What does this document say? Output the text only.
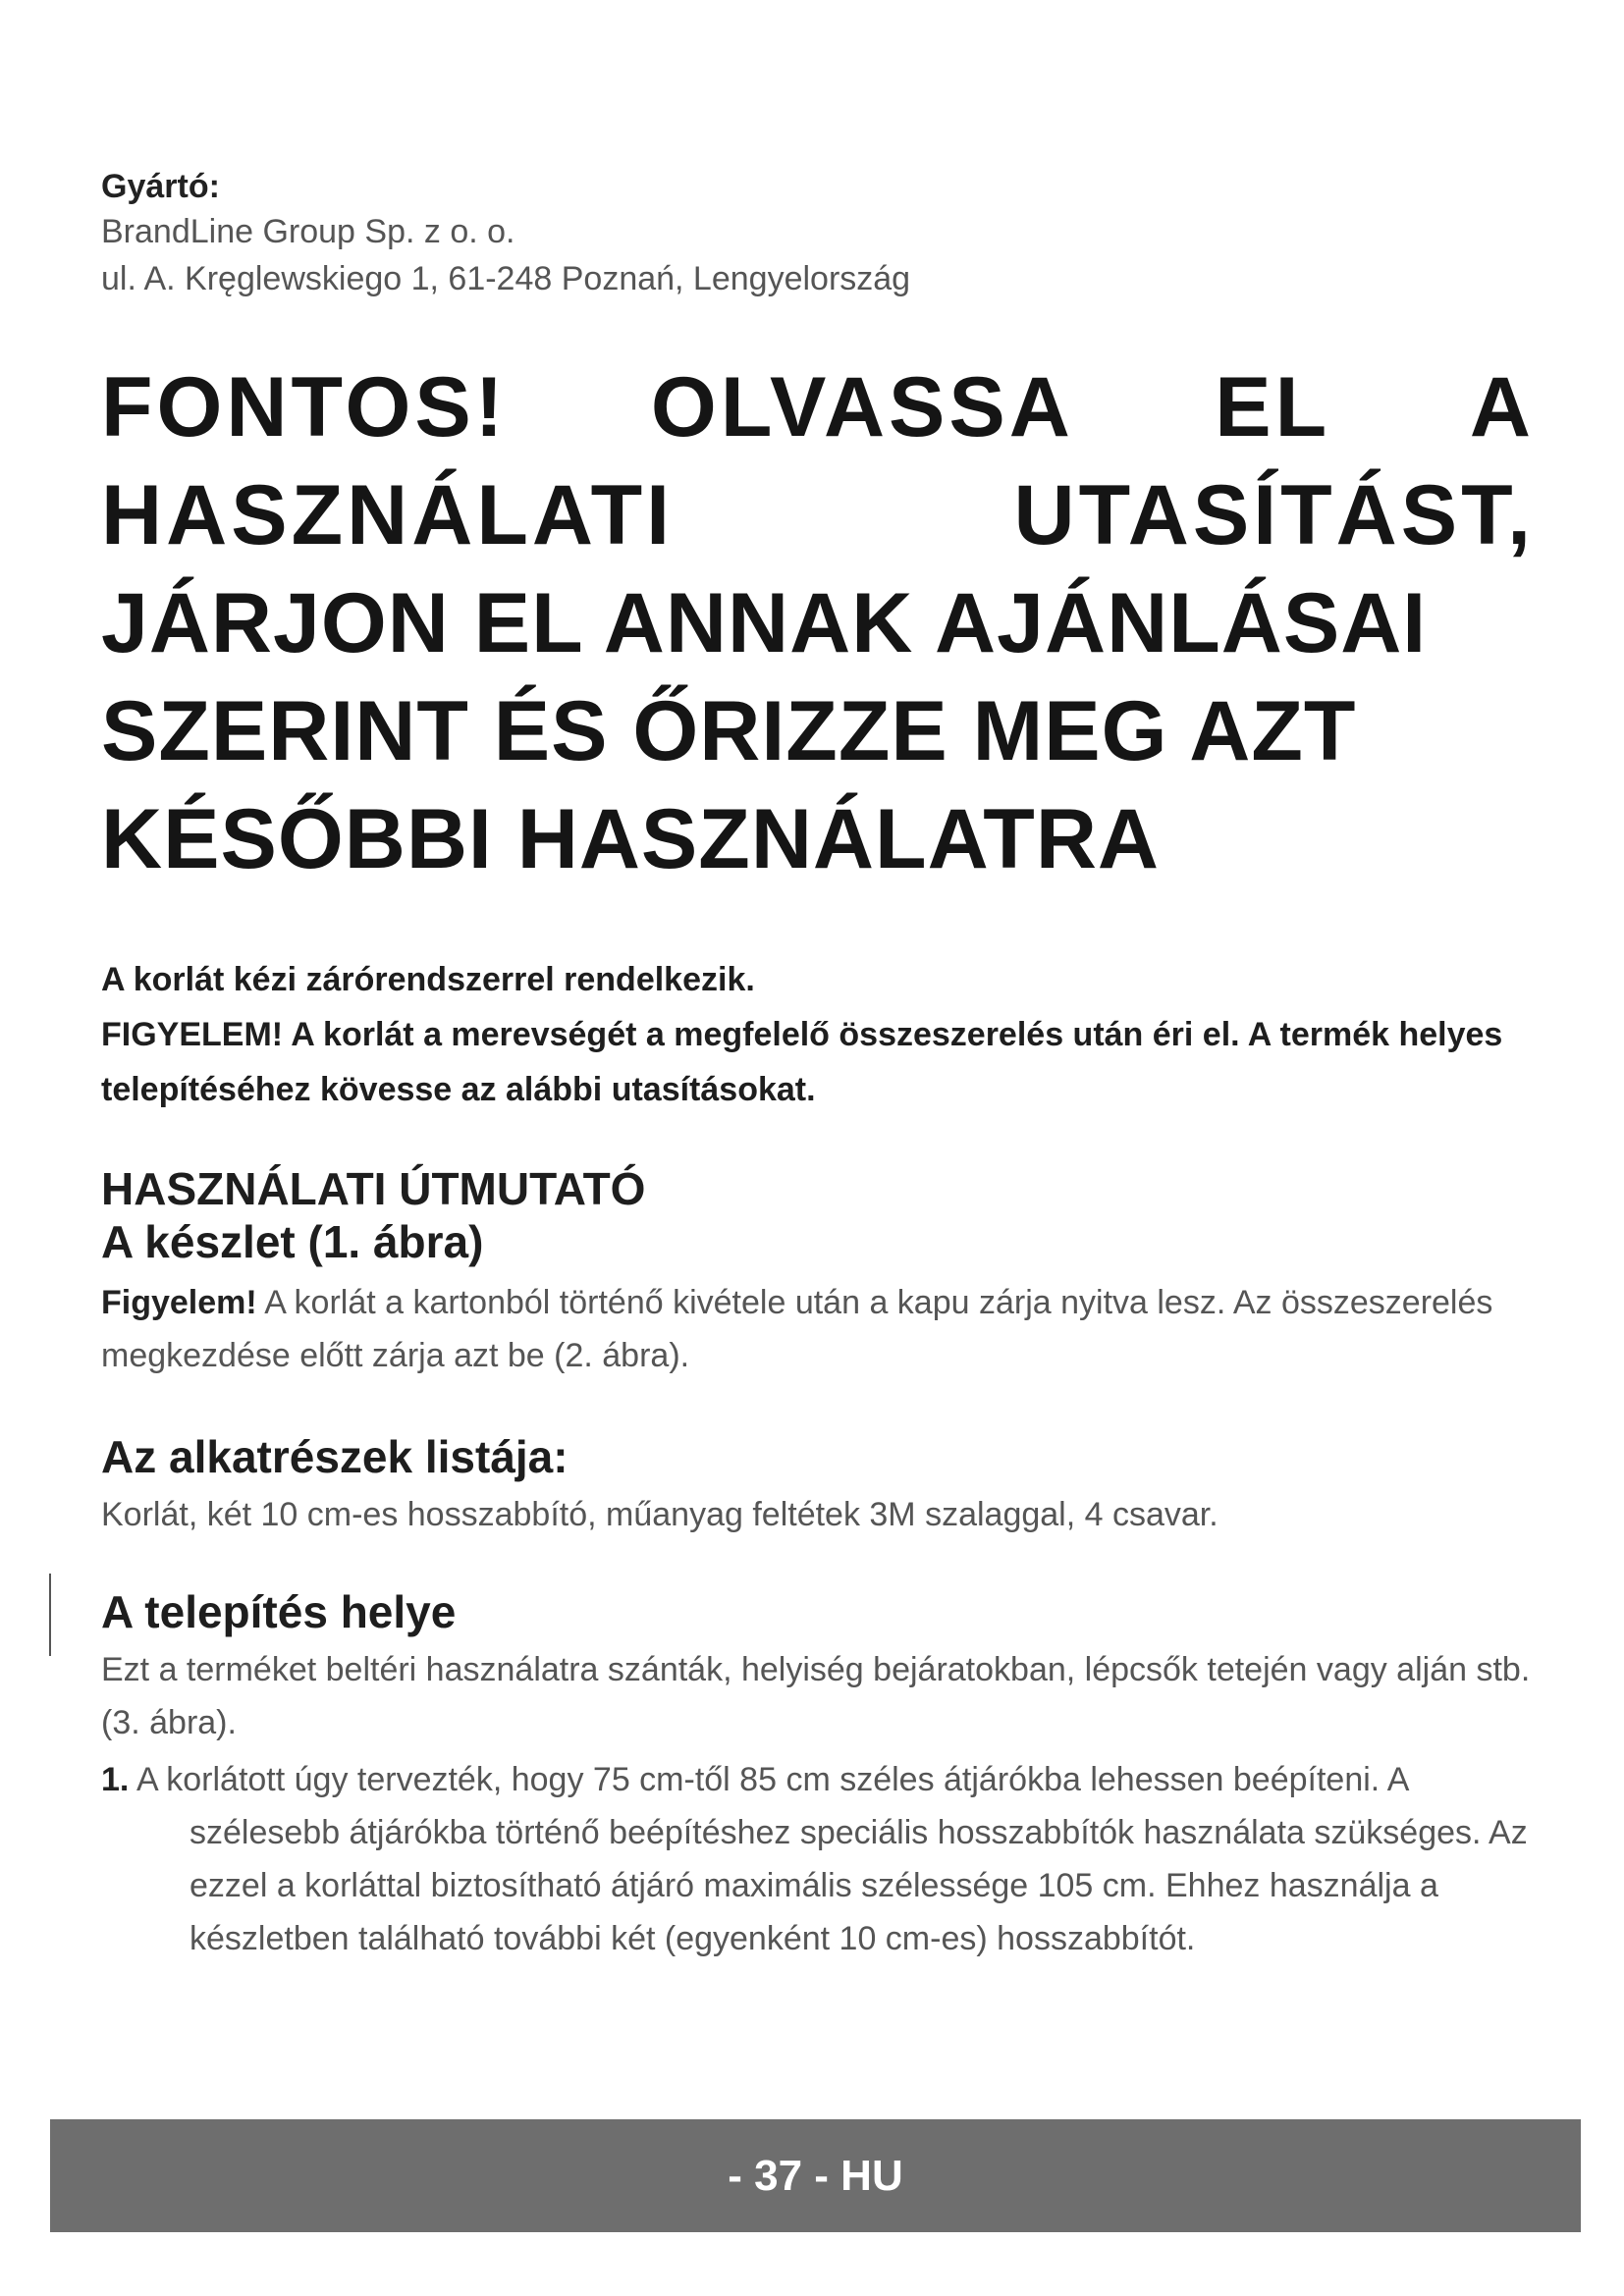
Gyártó:

BrandLine Group Sp. z o. o.

ul. A. Kręglewskiego 1, 61-248 Poznań, Lengyelország

FONTOS! OLVASSA EL A
HASZNÁLATI UTASÍTÁST,
JÁRJON EL ANNAK AJÁNLÁSAI
SZERINT ÉS ŐRIZZE MEG AZT
KÉSŐBBI HASZNÁLATRA

A korlát kézi zárórendszerrel rendelkezik.

FIGYELEM! A korlát a merevségét a megfelelő összeszerelés után éri el. A termék helyes telepítéséhez kövesse az alábbi utasításokat.

HASZNÁLATI ÚTMUTATÓ
A készlet (1. ábra)

Figyelem! A korlát a kartonból történő kivétele után a kapu zárja nyitva lesz. Az összeszerelés megkezdése előtt zárja azt be (2. ábra).

Az alkatrészek listája:

Korlát, két 10 cm-es hosszabbító, műanyag feltétek 3M szalaggal, 4 csavar.

A telepítés helye

Ezt a terméket beltéri használatra szánták, helyiség bejáratokban, lépcsők tetején vagy alján stb. (3. ábra).

1. A korlátott úgy tervezték, hogy 75 cm-től 85 cm széles átjárókba lehessen beépíteni. A szélesebb átjárókba történő beépítéshez speciális hosszabbítók használata szükséges. Az ezzel a korláttal biztosítható átjáró maximális szélessége 105 cm. Ehhez használja a készletben található további két (egyenként 10 cm-es) hosszabbítót.

- 37 - HU
